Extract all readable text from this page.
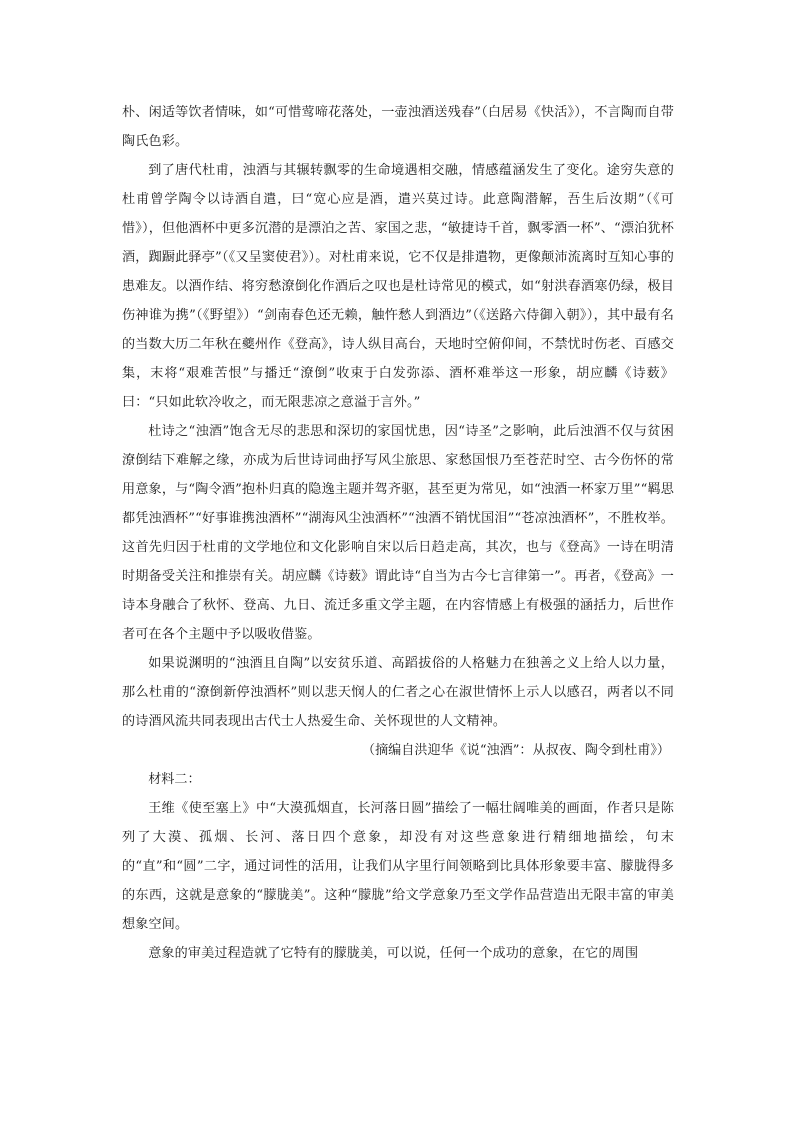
朴、闲适等饮者情味，如“可惜莺啼花落处，一壶浊酒送残春”（白居易《快活》），不言陶而自带陶氏色彩。

到了唐代杜甫，浊酒与其辗转飘零的生命境遇相交融，情感蕴涵发生了变化。途穷失意的杜甫曾学陶令以诗酒自遣，曰“宽心应是酒，遣兴莫过诗。此意陶潜解，吾生后汝期”（《可惜》），但他酒杯中更多沉潜的是漂泊之苦、家国之悲，“敏捷诗千首，飘零酒一杯”、“漂泊犹杯酒，踟蹰此驿亭”（《又呈窦使君》）。对杜甫来说，它不仅是排遣物，更像颠沛流离时互知心事的患难友。以酒作结、将穷愁潦倒化作酒后之叹也是杜诗常见的模式，如“射洪春酒寒仍绿，极目伤神谁为携”（《野望》）“剑南春色还无赖，触忤愁人到酒边”（《送路六侍御入朝》），其中最有名的当数大历二年秋在夔州作《登高》，诗人纵目高台，天地时空俯仰间，不禁忧时伤老、百感交集，末将“艰难苦恨”与播迁“潦倒”收束于白发弥添、酒杯难举这一形象，胡应麟《诗薮》曰：“只如此软冷收之，而无限悲凉之意溢于言外。”

杜诗之“浊酒”饱含无尽的悲思和深切的家国忧患，因“诗圣”之影响，此后浊酒不仅与贫困潦倒结下难解之缘，亦成为后世诗词曲抒写风尘旅思、家愁国恨乃至苍茫时空、古今伤怀的常用意象，与“陶令酒”抱朴归真的隐逸主题并驾齐驱，甚至更为常见，如“浊酒一杯家万里”“羁思都凭浊酒杯”“好事谁携浊酒杯”“湖海风尘浊酒杯”“浊酒不销忧国泪”“苍凉浊酒杯”，不胜枚举。这首先归因于杜甫的文学地位和文化影响自宋以后日趋走高，其次，也与《登高》一诗在明清时期备受关注和推崇有关。胡应麟《诗薮》谓此诗“自当为古今七言律第一”。再者，《登高》一诗本身融合了秋怀、登高、九日、流迁多重文学主题，在内容情感上有极强的涵括力，后世作者可在各个主题中予以吸收借鉴。

如果说渊明的“浊酒且自陶”以安贫乐道、高蹈拔俗的人格魅力在独善之义上给人以力量，那么杜甫的“潦倒新停浊酒杯”则以悲天悯人的仁者之心在淑世情怀上示人以感召，两者以不同的诗酒风流共同表现出古代士人热爱生命、关怀现世的人文精神。

（摘编自洪迎华《说“浊酒”：从叔夜、陶令到杜甫》）

材料二：

王维《使至塞上》中“大漠孤烟直，长河落日圆”描绘了一幅壮阔唯美的画面，作者只是陈列了大漠、孤烟、长河、落日四个意象，却没有对这些意象进行精细地描绘，句末的“直”和“圆”二字，通过词性的活用，让我们从字里行间领略到比具体形象要丰富、朦胧得多的东西，这就是意象的“朦胧美”。这种“朦胧”给文学意象乃至文学作品营造出无限丰富的审美想象空间。

意象的审美过程造就了它特有的朦胧美，可以说，任何一个成功的意象，在它的周围
